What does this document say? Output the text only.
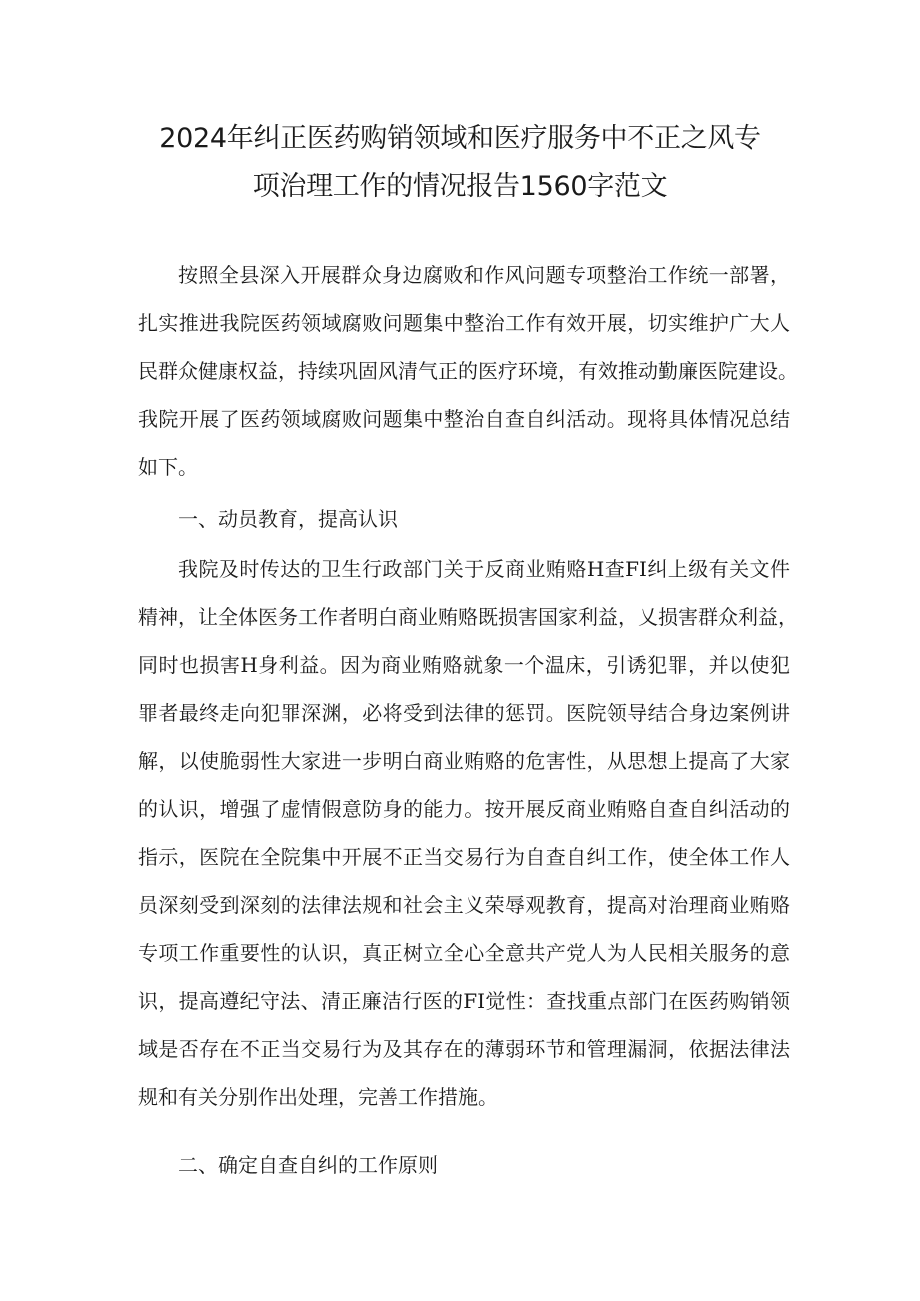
2024年纠正医药购销领域和医疗服务中不正之风专
项治理工作的情况报告1560字范文
按照全县深入开展群众身边腐败和作风问题专项整治工作统一部署，
扎实推进我院医药领域腐败问题集中整治工作有效开展，切实维护广大人
民群众健康权益，持续巩固风清气正的医疗环境，有效推动勤廉医院建设。
我院开展了医药领域腐败问题集中整治自查自纠活动。现将具体情况总结
如下。
一、动员教育，提高认识
我院及时传达的卫生行政部门关于反商业贿赂H查FI纠上级有关文件
精神，让全体医务工作者明白商业贿赂既损害国家利益，乂损害群众利益，
同时也损害H身利益。因为商业贿赂就象一个温床，引诱犯罪，并以使犯
罪者最终走向犯罪深渊，必将受到法律的惩罚。医院领导结合身边案例讲
解，以使脆弱性大家进一步明白商业贿赂的危害性，从思想上提高了大家
的认识，增强了虚情假意防身的能力。按开展反商业贿赂自查自纠活动的
指示，医院在全院集中开展不正当交易行为自查自纠工作，使全体工作人
员深刻受到深刻的法律法规和社会主义荣辱观教育，提高对治理商业贿赂
专项工作重要性的认识，真正树立全心全意共产党人为人民相关服务的意
识，提高遵纪守法、清正廉洁行医的FI觉性：查找重点部门在医药购销领
域是否存在不正当交易行为及其存在的薄弱环节和管理漏洞，依据法律法
规和有关分别作出处理，完善工作措施。
二、确定自查自纠的工作原则
